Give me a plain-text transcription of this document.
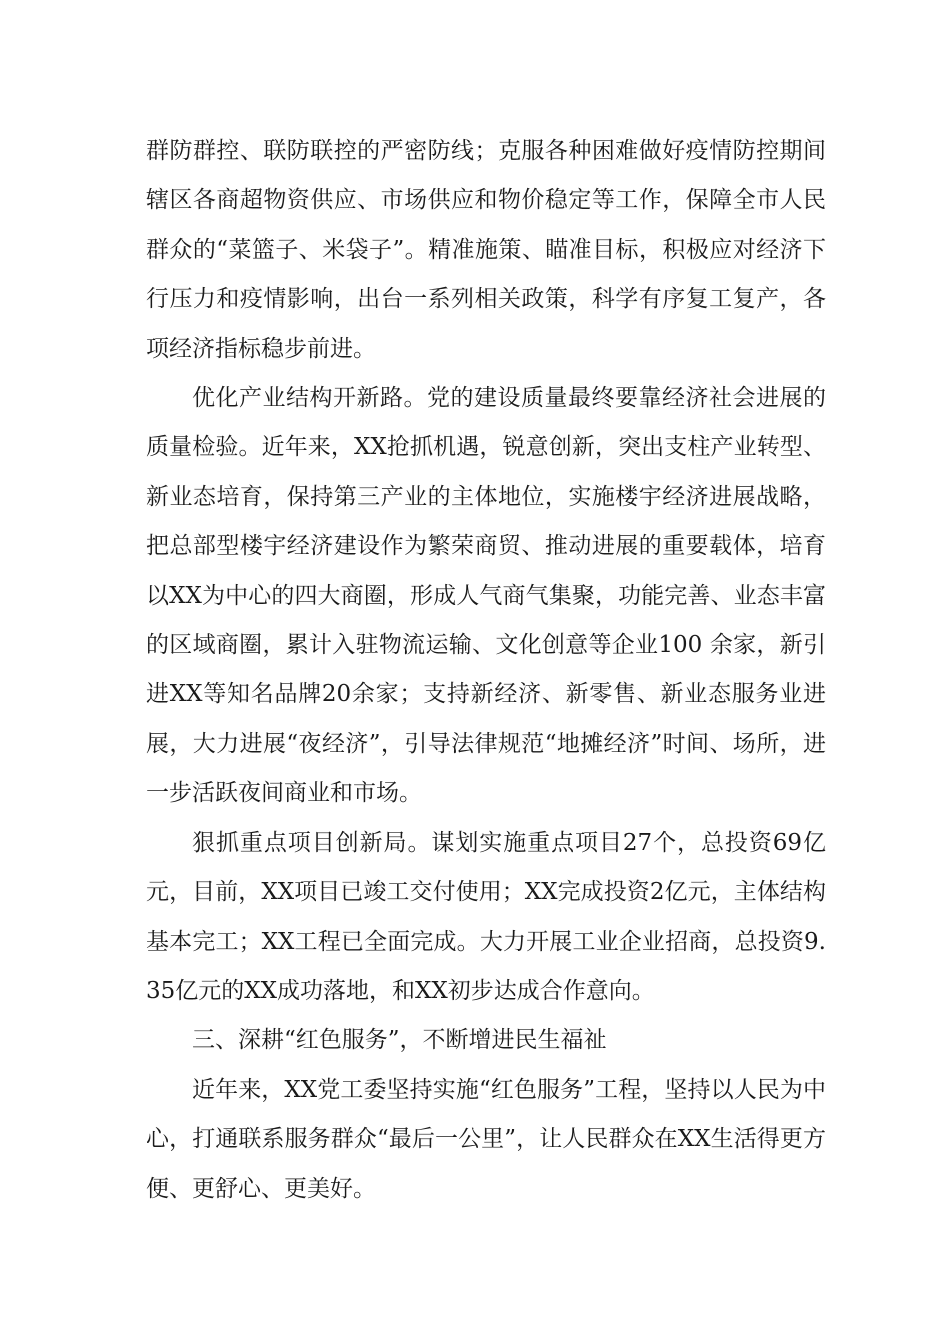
群防群控、联防联控的严密防线；克服各种困难做好疫情防控期间辖区各商超物资供应、市场供应和物价稳定等工作，保障全市人民群众的“菜篮子、米袋子”。精准施策、瞄准目标，积极应对经济下行压力和疫情影响，出台一系列相关政策，科学有序复工复产，各项经济指标稳步前进。

优化产业结构开新路。党的建设质量最终要靠经济社会进展的质量检验。近年来，XX抢抓机遇，锐意创新，突出支柱产业转型、新业态培育，保持第三产业的主体地位，实施楼宇经济进展战略，把总部型楼宇经济建设作为繁荣商贸、推动进展的重要载体，培育以XX为中心的四大商圈，形成人气商气集聚，功能完善、业态丰富的区域商圈，累计入驻物流运输、文化创意等企业100 余家，新引进XX等知名品牌20余家；支持新经济、新零售、新业态服务业进展，大力进展“夜经济”，引导法律规范“地摊经济”时间、场所，进一步活跃夜间商业和市场。

狠抓重点项目创新局。谋划实施重点项目27个，总投资69亿元，目前，XX项目已竣工交付使用；XX完成投资2亿元，主体结构基本完工；XX工程已全面完成。大力开展工业企业招商，总投资9.35亿元的XX成功落地，和XX初步达成合作意向。

三、深耕“红色服务”，不断增进民生福祉

近年来，XX党工委坚持实施“红色服务”工程，坚持以人民为中心，打通联系服务群众“最后一公里”，让人民群众在XX生活得更方便、更舒心、更美好。
